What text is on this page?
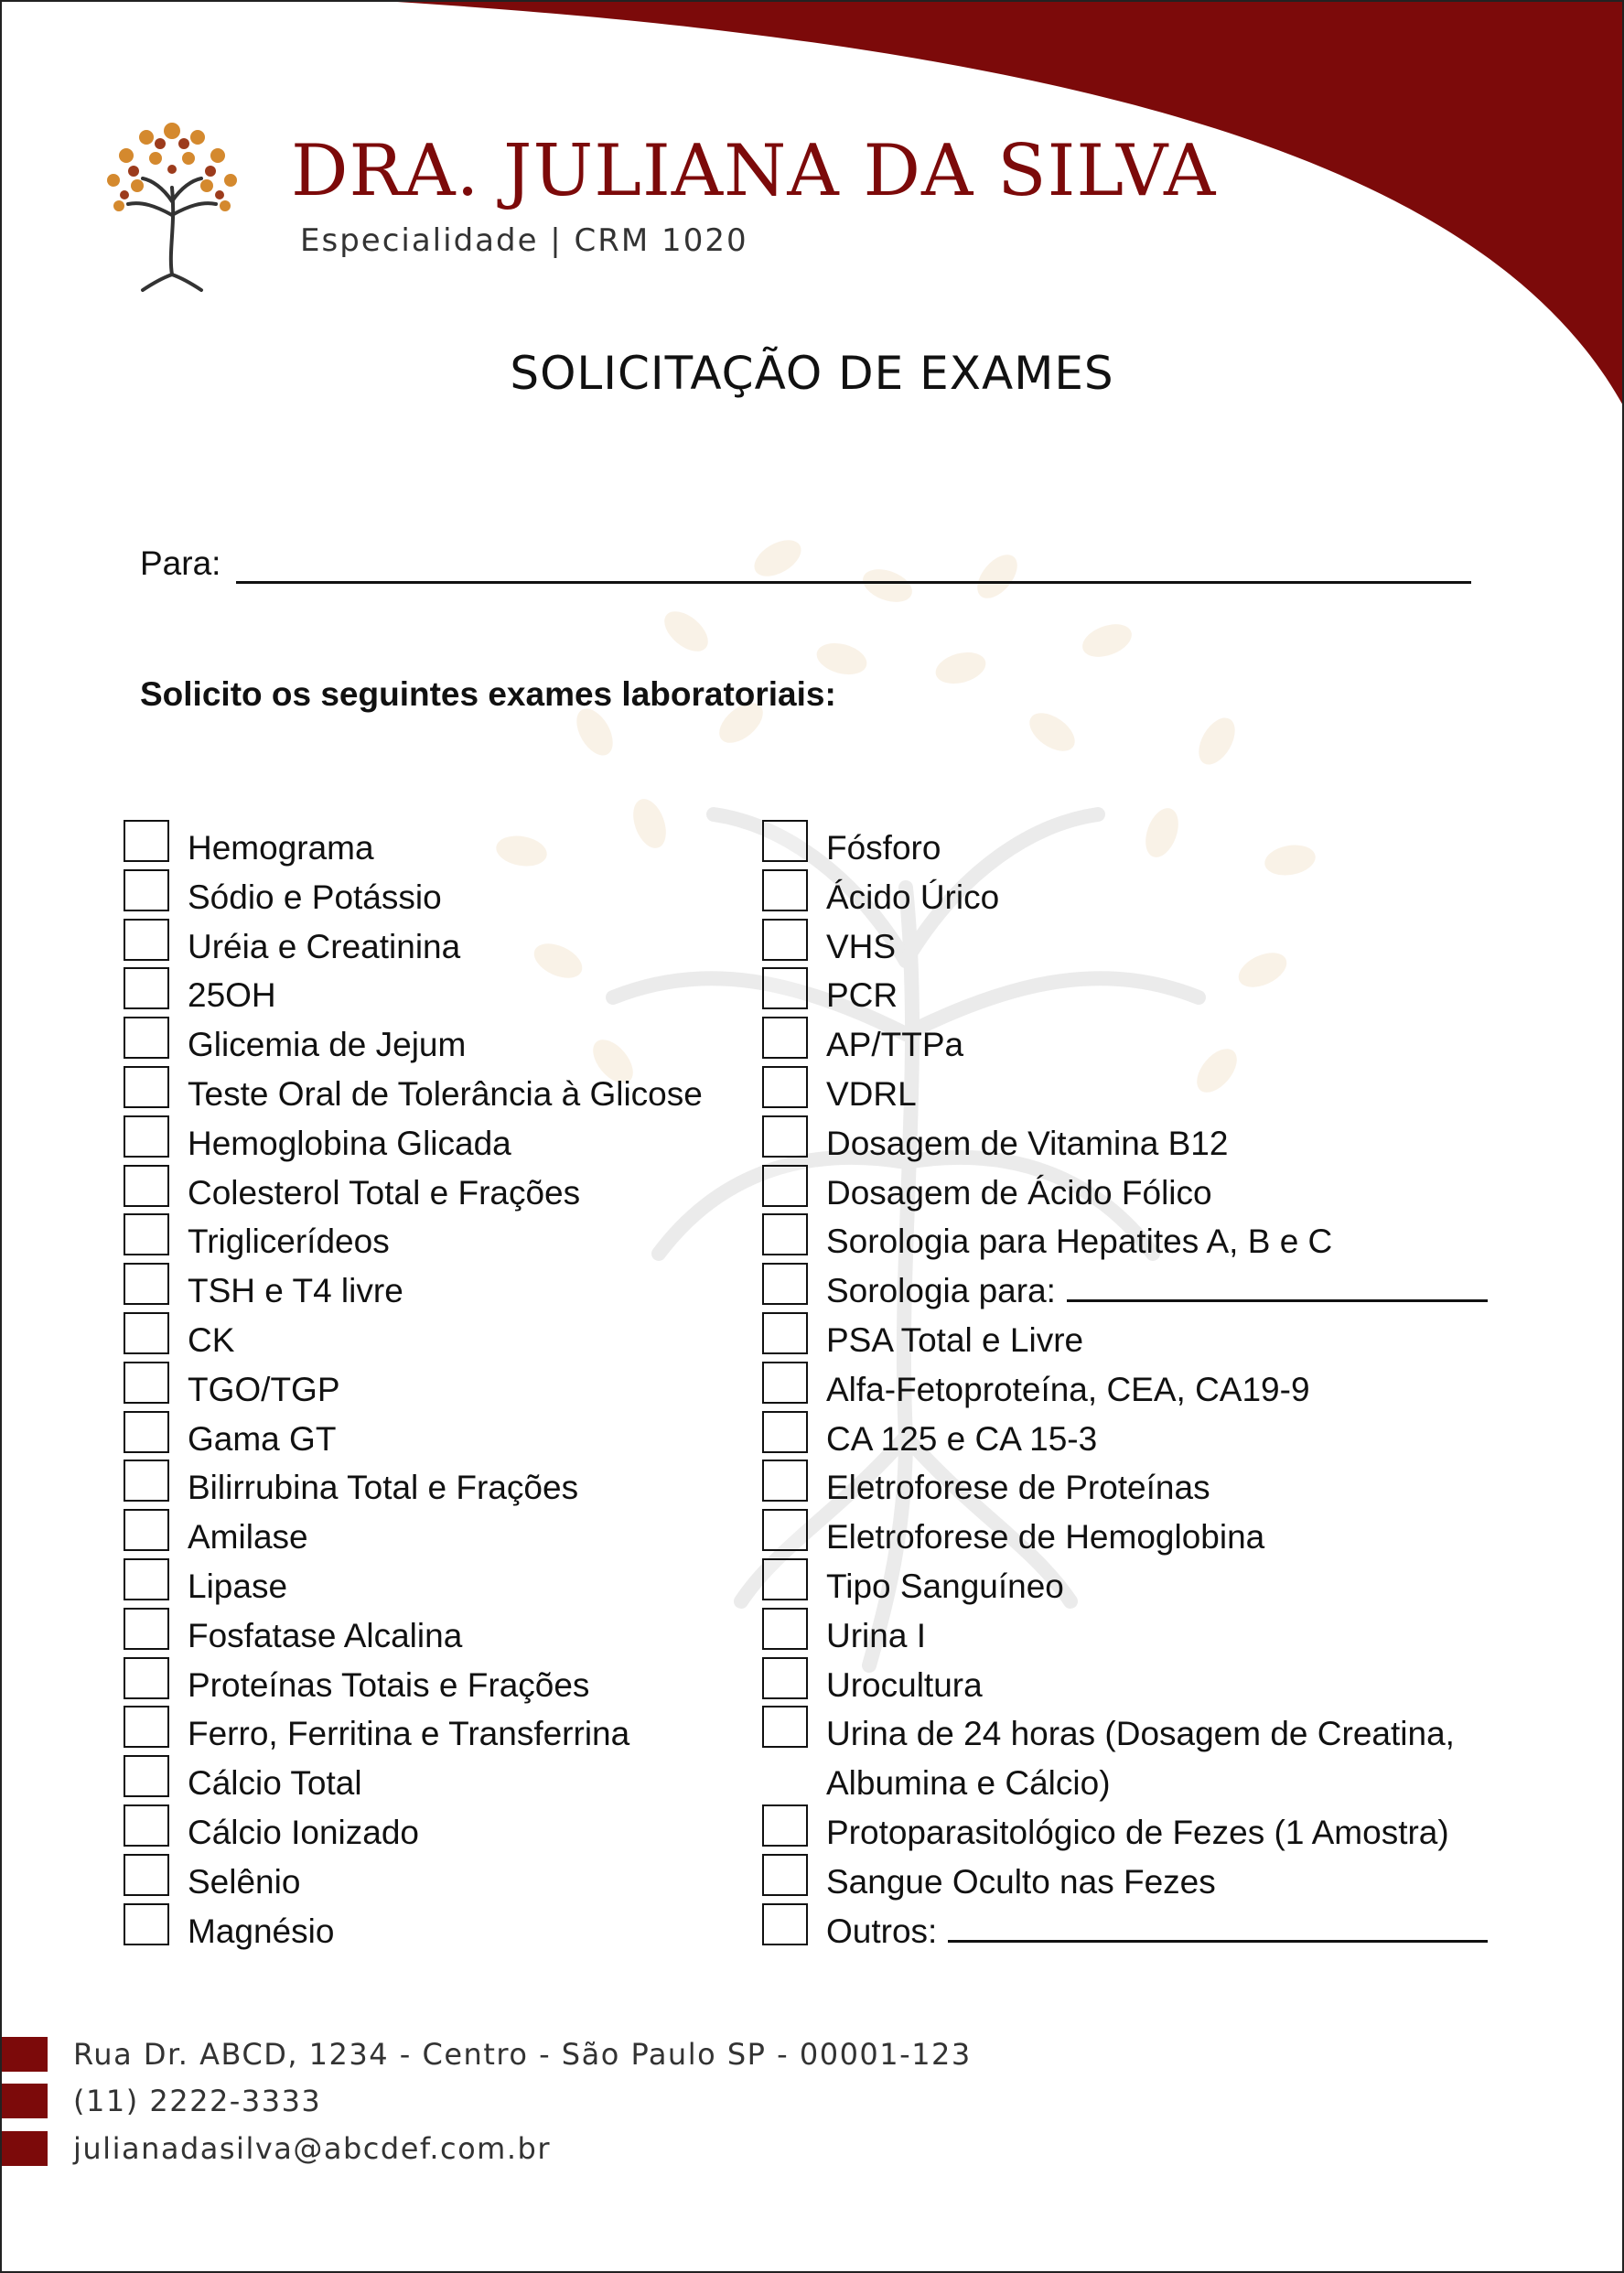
DRA. JULIANA DA SILVA
Especialidade | CRM 1020
SOLICITAÇÃO DE EXAMES
Para:
Solicito os seguintes exames laboratoriais:
Hemograma
Sódio e Potássio
Uréia e Creatinina
25OH
Glicemia de Jejum
Teste Oral de Tolerância à Glicose
Hemoglobina Glicada
Colesterol Total e Frações
Triglicerídeos
TSH e T4 livre
CK
TGO/TGP
Gama GT
Bilirrubina Total e Frações
Amilase
Lipase
Fosfatase Alcalina
Proteínas Totais e Frações
Ferro, Ferritina e Transferrina
Cálcio Total
Cálcio Ionizado
Selênio
Magnésio
Fósforo
Ácido Úrico
VHS
PCR
AP/TTPa
VDRL
Dosagem de Vitamina B12
Dosagem de Ácido Fólico
Sorologia para Hepatites A, B e C
Sorologia para:
PSA Total e Livre
Alfa-Fetoproteína, CEA, CA19-9
CA 125 e CA 15-3
Eletroforese de Proteínas
Eletroforese de Hemoglobina
Tipo Sanguíneo
Urina I
Urocultura
Urina de 24 horas (Dosagem de Creatina,
Albumina e Cálcio)
Protoparasitológico de Fezes (1 Amostra)
Sangue Oculto nas Fezes
Outros:
Rua Dr. ABCD, 1234 - Centro - São Paulo SP - 00001-123
(11) 2222-3333
julianadasilva@abcdef.com.br
